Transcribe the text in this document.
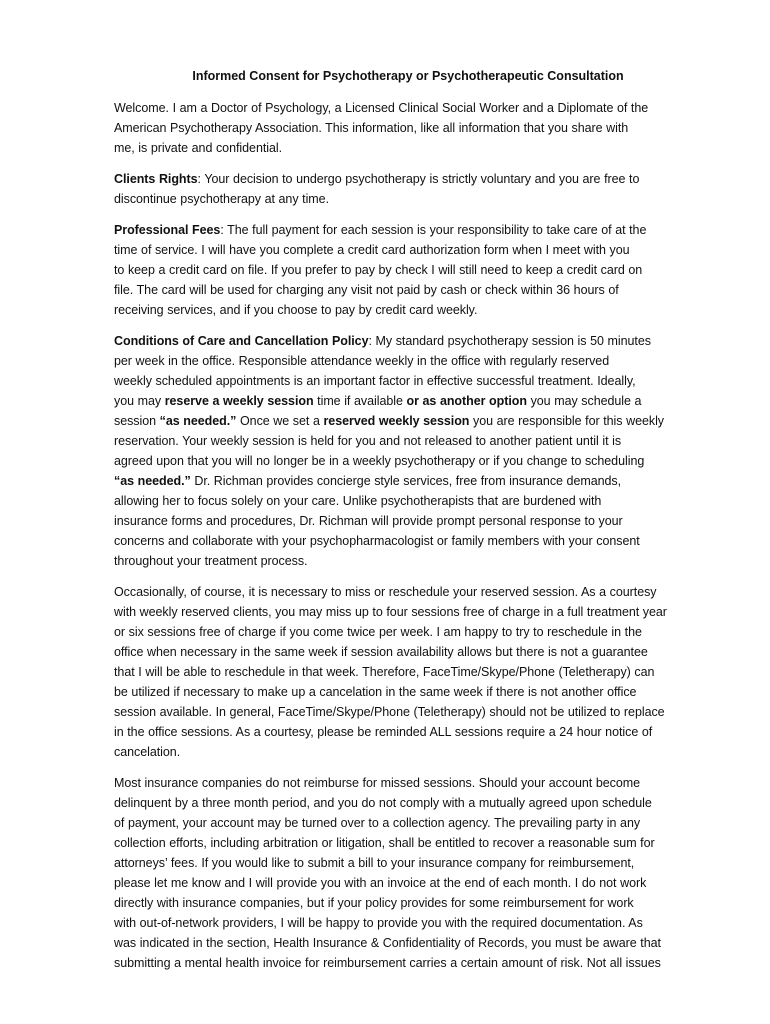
Informed Consent for Psychotherapy or Psychotherapeutic Consultation

Welcome. I am a Doctor of Psychology, a Licensed Clinical Social Worker and a Diplomate of the
American Psychotherapy Association. This information, like all information that you share with
me, is private and confidential.

Clients Rights: Your decision to undergo psychotherapy is strictly voluntary and you are free to
discontinue psychotherapy at any time.

Professional Fees: The full payment for each session is your responsibility to take care of at the
time of service. I will have you complete a credit card authorization form when I meet with you
to keep a credit card on file. If you prefer to pay by check I will still need to keep a credit card on
file. The card will be used for charging any visit not paid by cash or check within 36 hours of
receiving services, and if you choose to pay by credit card weekly.

Conditions of Care and Cancellation Policy: My standard psychotherapy session is 50 minutes
per week in the office. Responsible attendance weekly in the office with regularly reserved
weekly scheduled appointments is an important factor in effective successful treatment. Ideally,
you may reserve a weekly session time if available or as another option you may schedule a
session “as needed.” Once we set a reserved weekly session you are responsible for this weekly
reservation. Your weekly session is held for you and not released to another patient until it is
agreed upon that you will no longer be in a weekly psychotherapy or if you change to scheduling
“as needed.” Dr. Richman provides concierge style services, free from insurance demands,
allowing her to focus solely on your care. Unlike psychotherapists that are burdened with
insurance forms and procedures, Dr. Richman will provide prompt personal response to your
concerns and collaborate with your psychopharmacologist or family members with your consent
throughout your treatment process.

Occasionally, of course, it is necessary to miss or reschedule your reserved session. As a courtesy
with weekly reserved clients, you may miss up to four sessions free of charge in a full treatment year
or six sessions free of charge if you come twice per week. I am happy to try to reschedule in the
office when necessary in the same week if session availability allows but there is not a guarantee
that I will be able to reschedule in that week. Therefore, FaceTime/Skype/Phone (Teletherapy) can
be utilized if necessary to make up a cancelation in the same week if there is not another office
session available. In general, FaceTime/Skype/Phone (Teletherapy) should not be utilized to replace
in the office sessions. As a courtesy, please be reminded ALL sessions require a 24 hour notice of
cancelation.

Most insurance companies do not reimburse for missed sessions. Should your account become
delinquent by a three month period, and you do not comply with a mutually agreed upon schedule
of payment, your account may be turned over to a collection agency. The prevailing party in any
collection efforts, including arbitration or litigation, shall be entitled to recover a reasonable sum for
attorneys’ fees. If you would like to submit a bill to your insurance company for reimbursement,
please let me know and I will provide you with an invoice at the end of each month. I do not work
directly with insurance companies, but if your policy provides for some reimbursement for work
with out-of-network providers, I will be happy to provide you with the required documentation. As
was indicated in the section, Health Insurance & Confidentiality of Records, you must be aware that
submitting a mental health invoice for reimbursement carries a certain amount of risk. Not all issues
